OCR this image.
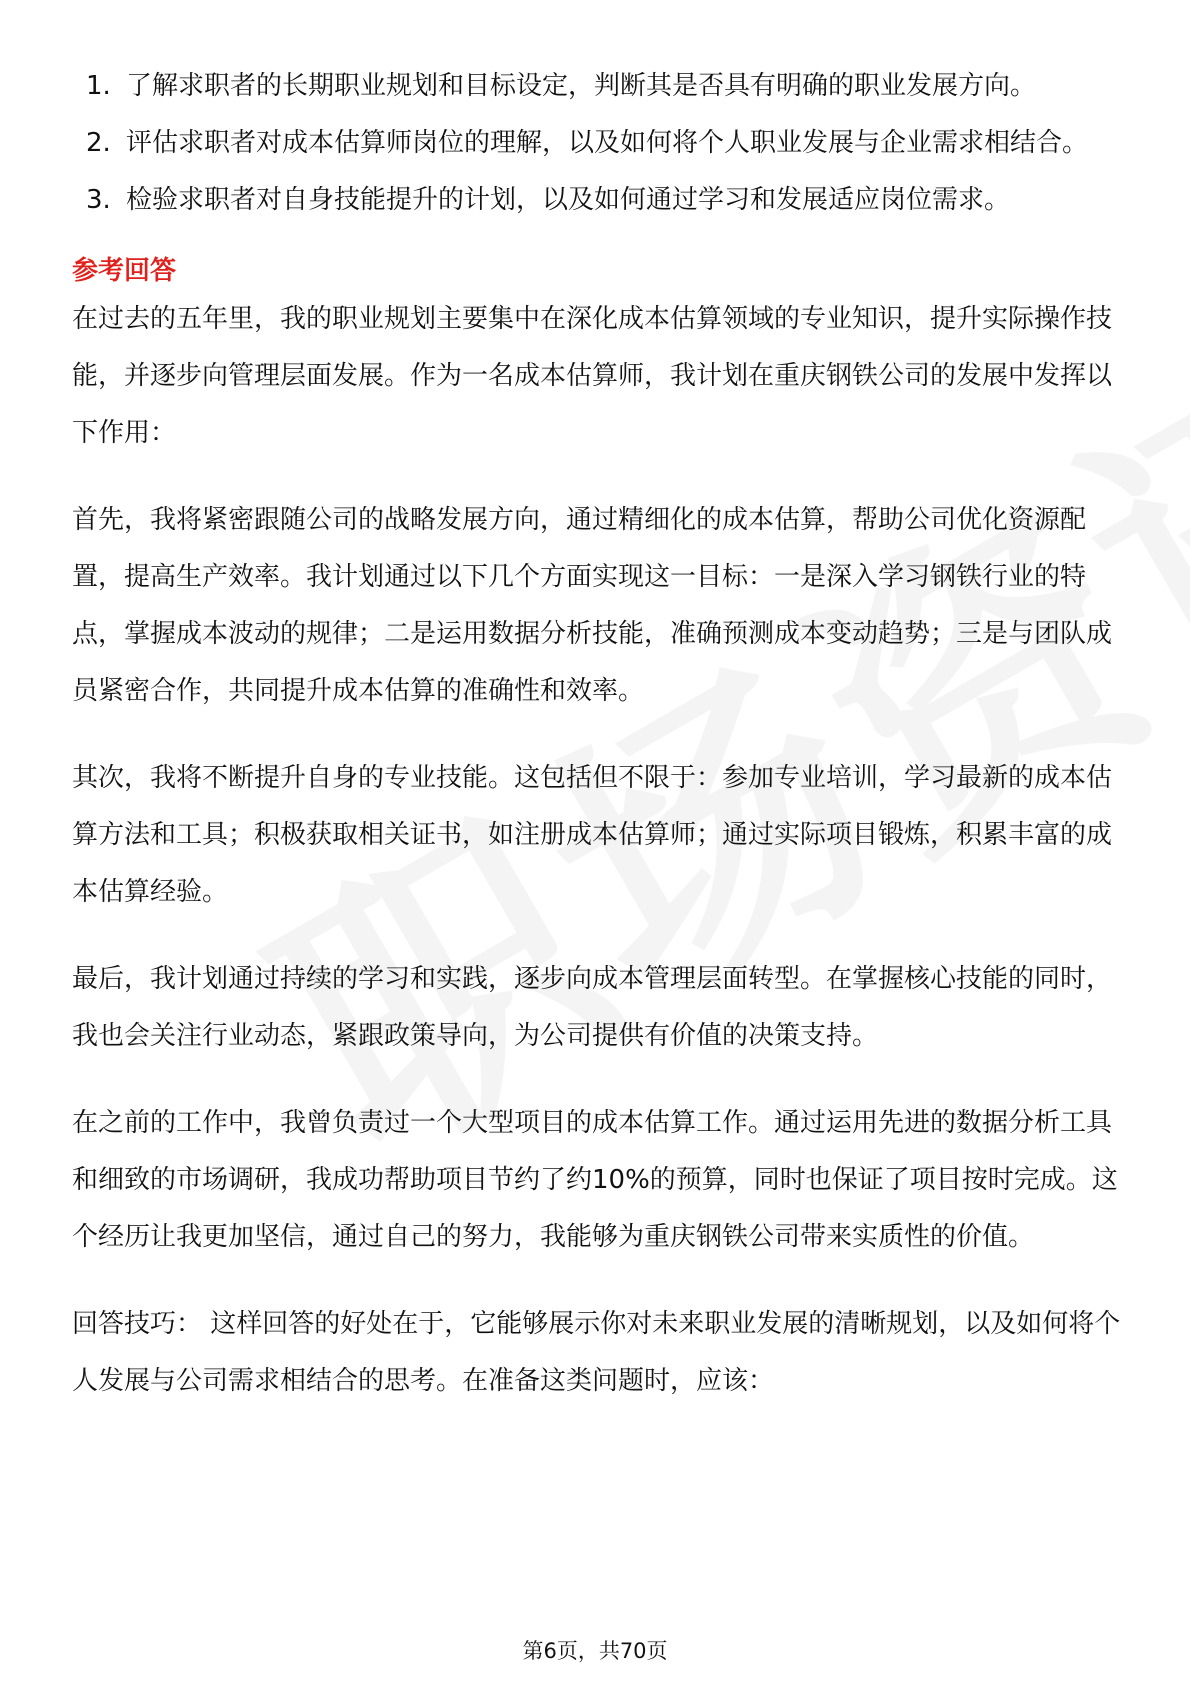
1. 了解求职者的长期职业规划和目标设定，判断其是否具有明确的职业发展方向。
2. 评估求职者对成本估算师岗位的理解，以及如何将个人职业发展与企业需求相结合。
3. 检验求职者对自身技能提升的计划，以及如何通过学习和发展适应岗位需求。
参考回答

在过去的五年里，我的职业规划主要集中在深化成本估算领域的专业知识，提升实际操作技能，并逐步向管理层面发展。作为一名成本估算师，我计划在重庆钢铁公司的发展中发挥以下作用：

首先，我将紧密跟随公司的战略发展方向，通过精细化的成本估算，帮助公司优化资源配置，提高生产效率。我计划通过以下几个方面实现这一目标：一是深入学习钢铁行业的特点，掌握成本波动的规律；二是运用数据分析技能，准确预测成本变动趋势；三是与团队成员紧密合作，共同提升成本估算的准确性和效率。

其次，我将不断提升自身的专业技能。这包括但不限于：参加专业培训，学习最新的成本估算方法和工具；积极获取相关证书，如注册成本估算师；通过实际项目锻炼，积累丰富的成本估算经验。

最后，我计划通过持续的学习和实践，逐步向成本管理层面转型。在掌握核心技能的同时，我也会关注行业动态，紧跟政策导向，为公司提供有价值的决策支持。

在之前的工作中，我曾负责过一个大型项目的成本估算工作。通过运用先进的数据分析工具和细致的市场调研，我成功帮助项目节约了约10%的预算，同时也保证了项目按时完成。这个经历让我更加坚信，通过自己的努力，我能够为重庆钢铁公司带来实质性的价值。

回答技巧： 这样回答的好处在于，它能够展示你对未来职业发展的清晰规划，以及如何将个人发展与公司需求相结合的思考。在准备这类问题时，应该：

第6页，共70页
